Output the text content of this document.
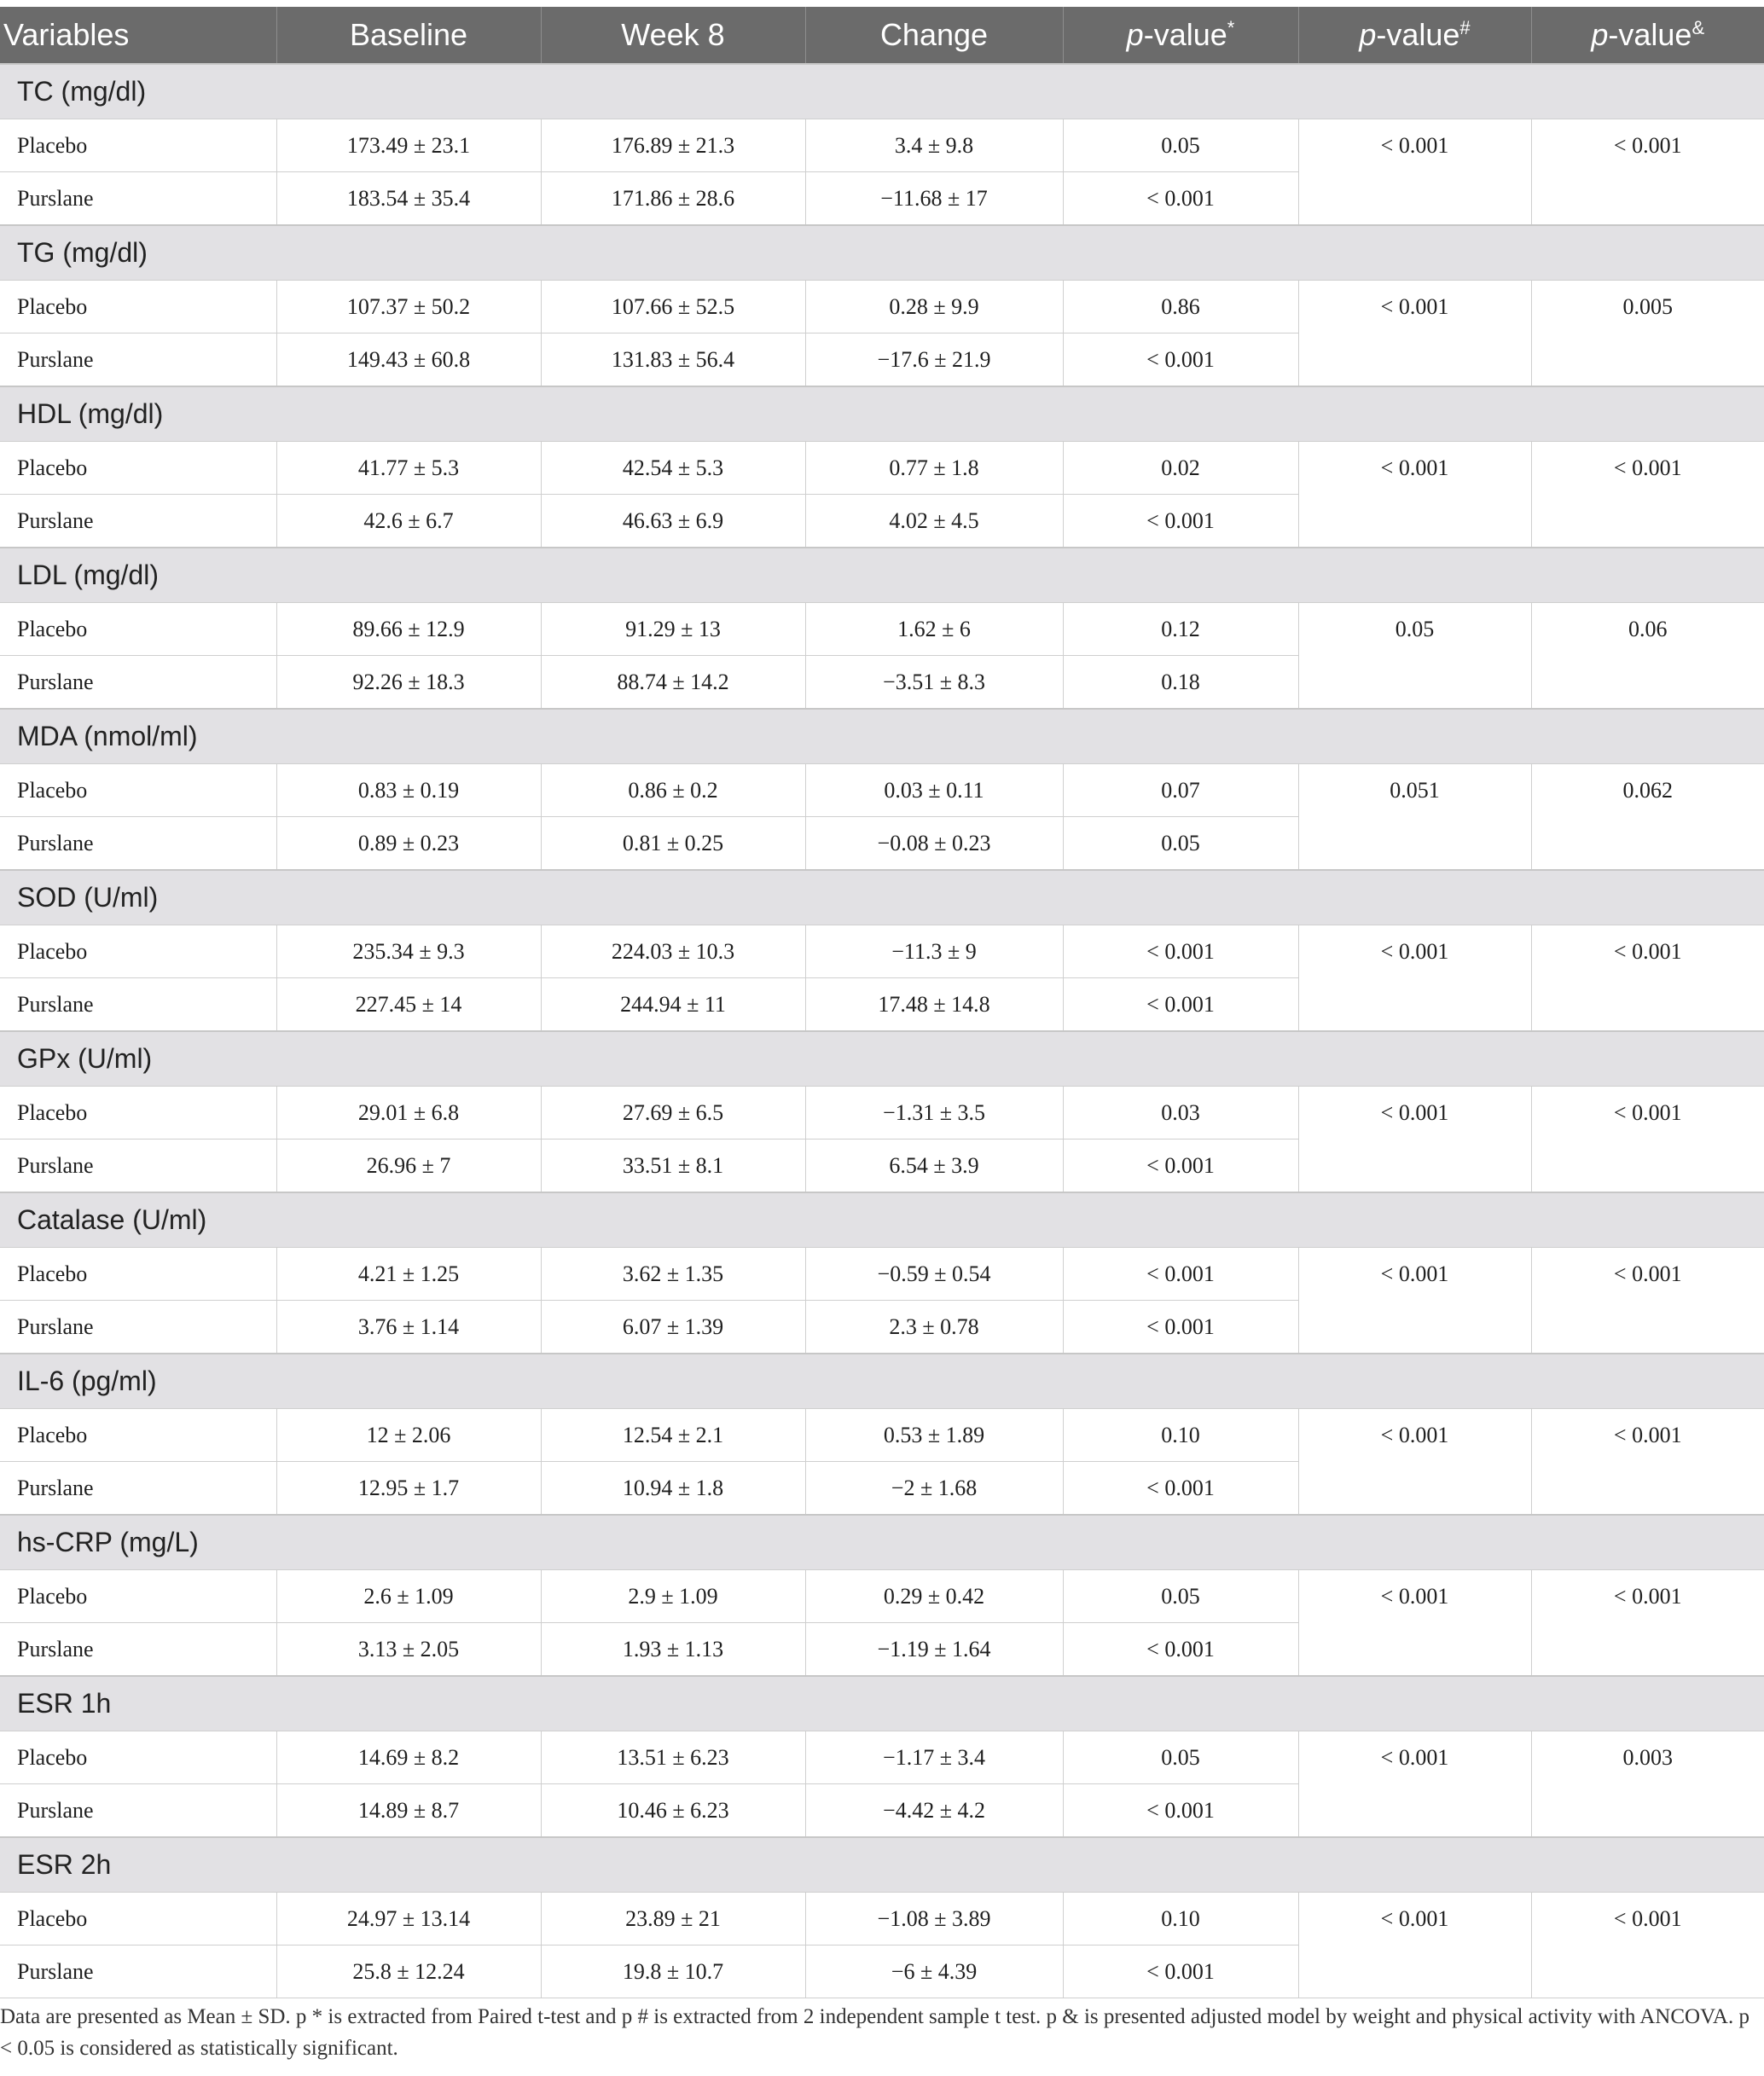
Variables	Baseline	Week 8	Change	p-value*	p-value#	p-value&
TC (mg/dl)						
Placebo	173.49 ± 23.1	176.89 ± 21.3	3.4 ± 9.8	0.05	< 0.001	< 0.001
Purslane	183.54 ± 35.4	171.86 ± 28.6	−11.68 ± 17	< 0.001		
TG (mg/dl)						
Placebo	107.37 ± 50.2	107.66 ± 52.5	0.28 ± 9.9	0.86	< 0.001	0.005
Purslane	149.43 ± 60.8	131.83 ± 56.4	−17.6 ± 21.9	< 0.001		
HDL (mg/dl)						
Placebo	41.77 ± 5.3	42.54 ± 5.3	0.77 ± 1.8	0.02	< 0.001	< 0.001
Purslane	42.6 ± 6.7	46.63 ± 6.9	4.02 ± 4.5	< 0.001		
LDL (mg/dl)						
Placebo	89.66 ± 12.9	91.29 ± 13	1.62 ± 6	0.12	0.05	0.06
Purslane	92.26 ± 18.3	88.74 ± 14.2	−3.51 ± 8.3	0.18		
MDA (nmol/ml)						
Placebo	0.83 ± 0.19	0.86 ± 0.2	0.03 ± 0.11	0.07	0.051	0.062
Purslane	0.89 ± 0.23	0.81 ± 0.25	−0.08 ± 0.23	0.05		
SOD (U/ml)						
Placebo	235.34 ± 9.3	224.03 ± 10.3	−11.3 ± 9	< 0.001	< 0.001	< 0.001
Purslane	227.45 ± 14	244.94 ± 11	17.48 ± 14.8	< 0.001		
GPx (U/ml)						
Placebo	29.01 ± 6.8	27.69 ± 6.5	−1.31 ± 3.5	0.03	< 0.001	< 0.001
Purslane	26.96 ± 7	33.51 ± 8.1	6.54 ± 3.9	< 0.001		
Catalase (U/ml)						
Placebo	4.21 ± 1.25	3.62 ± 1.35	−0.59 ± 0.54	< 0.001	< 0.001	< 0.001
Purslane	3.76 ± 1.14	6.07 ± 1.39	2.3 ± 0.78	< 0.001		
IL-6 (pg/ml)						
Placebo	12 ± 2.06	12.54 ± 2.1	0.53 ± 1.89	0.10	< 0.001	< 0.001
Purslane	12.95 ± 1.7	10.94 ± 1.8	−2 ± 1.68	< 0.001		
hs-CRP (mg/L)						
Placebo	2.6 ± 1.09	2.9 ± 1.09	0.29 ± 0.42	0.05	< 0.001	< 0.001
Purslane	3.13 ± 2.05	1.93 ± 1.13	−1.19 ± 1.64	< 0.001		
ESR 1h						
Placebo	14.69 ± 8.2	13.51 ± 6.23	−1.17 ± 3.4	0.05	< 0.001	0.003
Purslane	14.89 ± 8.7	10.46 ± 6.23	−4.42 ± 4.2	< 0.001		
ESR 2h						
Placebo	24.97 ± 13.14	23.89 ± 21	−1.08 ± 3.89	0.10	< 0.001	< 0.001
Purslane	25.8 ± 12.24	19.8 ± 10.7	−6 ± 4.39	< 0.001		
Data are presented as Mean ± SD. p * is extracted from Paired t-test and p # is extracted from 2 independent sample t test. p & is presented adjusted model by weight and physical activity with ANCOVA. p < 0.05 is considered as statistically significant.
